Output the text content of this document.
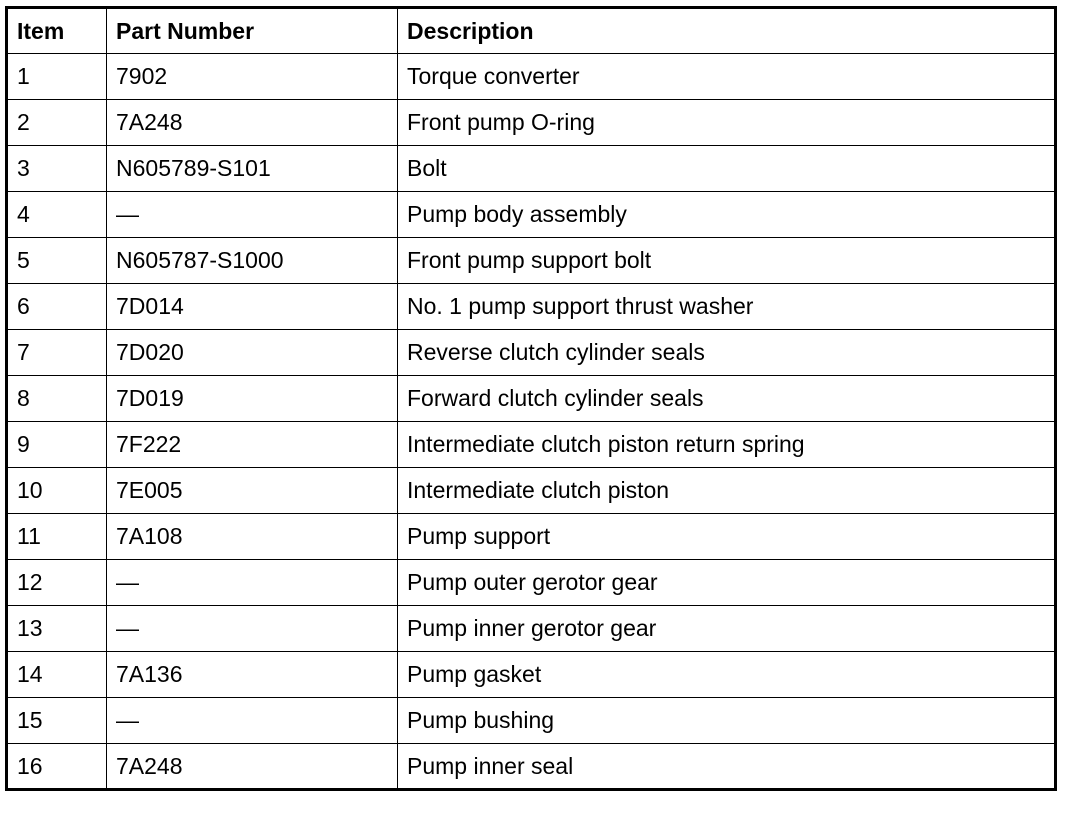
Item	Part Number	Description
1	7902	Torque converter
2	7A248	Front pump O-ring
3	N605789-S101	Bolt
4	—	Pump body assembly
5	N605787-S1000	Front pump support bolt
6	7D014	No. 1 pump support thrust washer
7	7D020	Reverse clutch cylinder seals
8	7D019	Forward clutch cylinder seals
9	7F222	Intermediate clutch piston return spring
10	7E005	Intermediate clutch piston
11	7A108	Pump support
12	—	Pump outer gerotor gear
13	—	Pump inner gerotor gear
14	7A136	Pump gasket
15	—	Pump bushing
16	7A248	Pump inner seal
